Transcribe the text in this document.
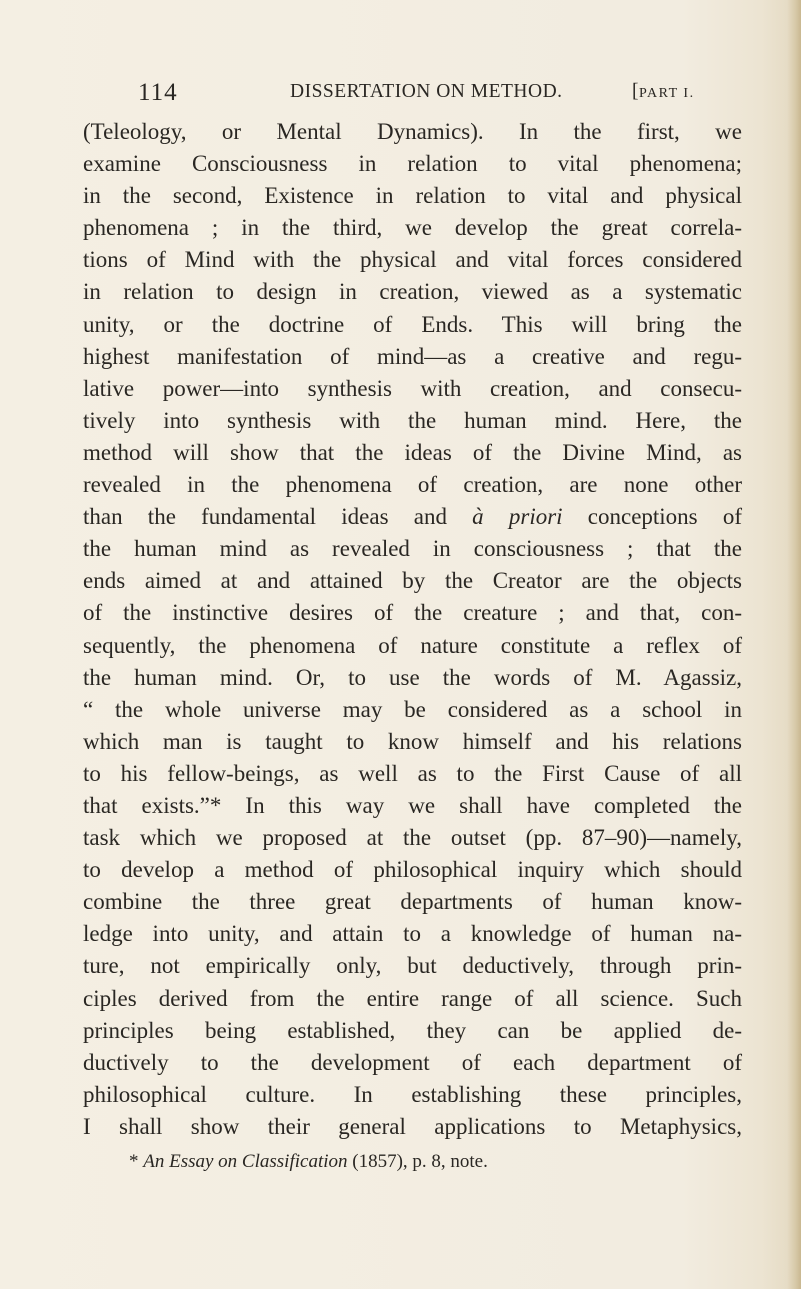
114	DISSERTATION ON METHOD.	[PART I.
(Teleology, or Mental Dynamics). In the first, we
examine Consciousness in relation to vital phenomena;
in the second, Existence in relation to vital and physical
phenomena ; in the third, we develop the great correla-
tions of Mind with the physical and vital forces considered
in relation to design in creation, viewed as a systematic
unity, or the doctrine of Ends. This will bring the
highest manifestation of mind—as a creative and regu-
lative power—into synthesis with creation, and consecu-
tively into synthesis with the human mind. Here, the
method will show that the ideas of the Divine Mind, as
revealed in the phenomena of creation, are none other
than the fundamental ideas and à priori conceptions of
the human mind as revealed in consciousness ; that the
ends aimed at and attained by the Creator are the objects
of the instinctive desires of the creature ; and that, con-
sequently, the phenomena of nature constitute a reflex of
the human mind. Or, to use the words of M. Agassiz,
“ the whole universe may be considered as a school in
which man is taught to know himself and his relations
to his fellow-beings, as well as to the First Cause of all
that exists.”* In this way we shall have completed the
task which we proposed at the outset (pp. 87–90)—namely,
to develop a method of philosophical inquiry which should
combine the three great departments of human know-
ledge into unity, and attain to a knowledge of human na-
ture, not empirically only, but deductively, through prin-
ciples derived from the entire range of all science. Such
principles being established, they can be applied de-
ductively to the development of each department of
philosophical culture. In establishing these principles,
I shall show their general applications to Metaphysics,
* An Essay on Classification (1857), p. 8, note.
